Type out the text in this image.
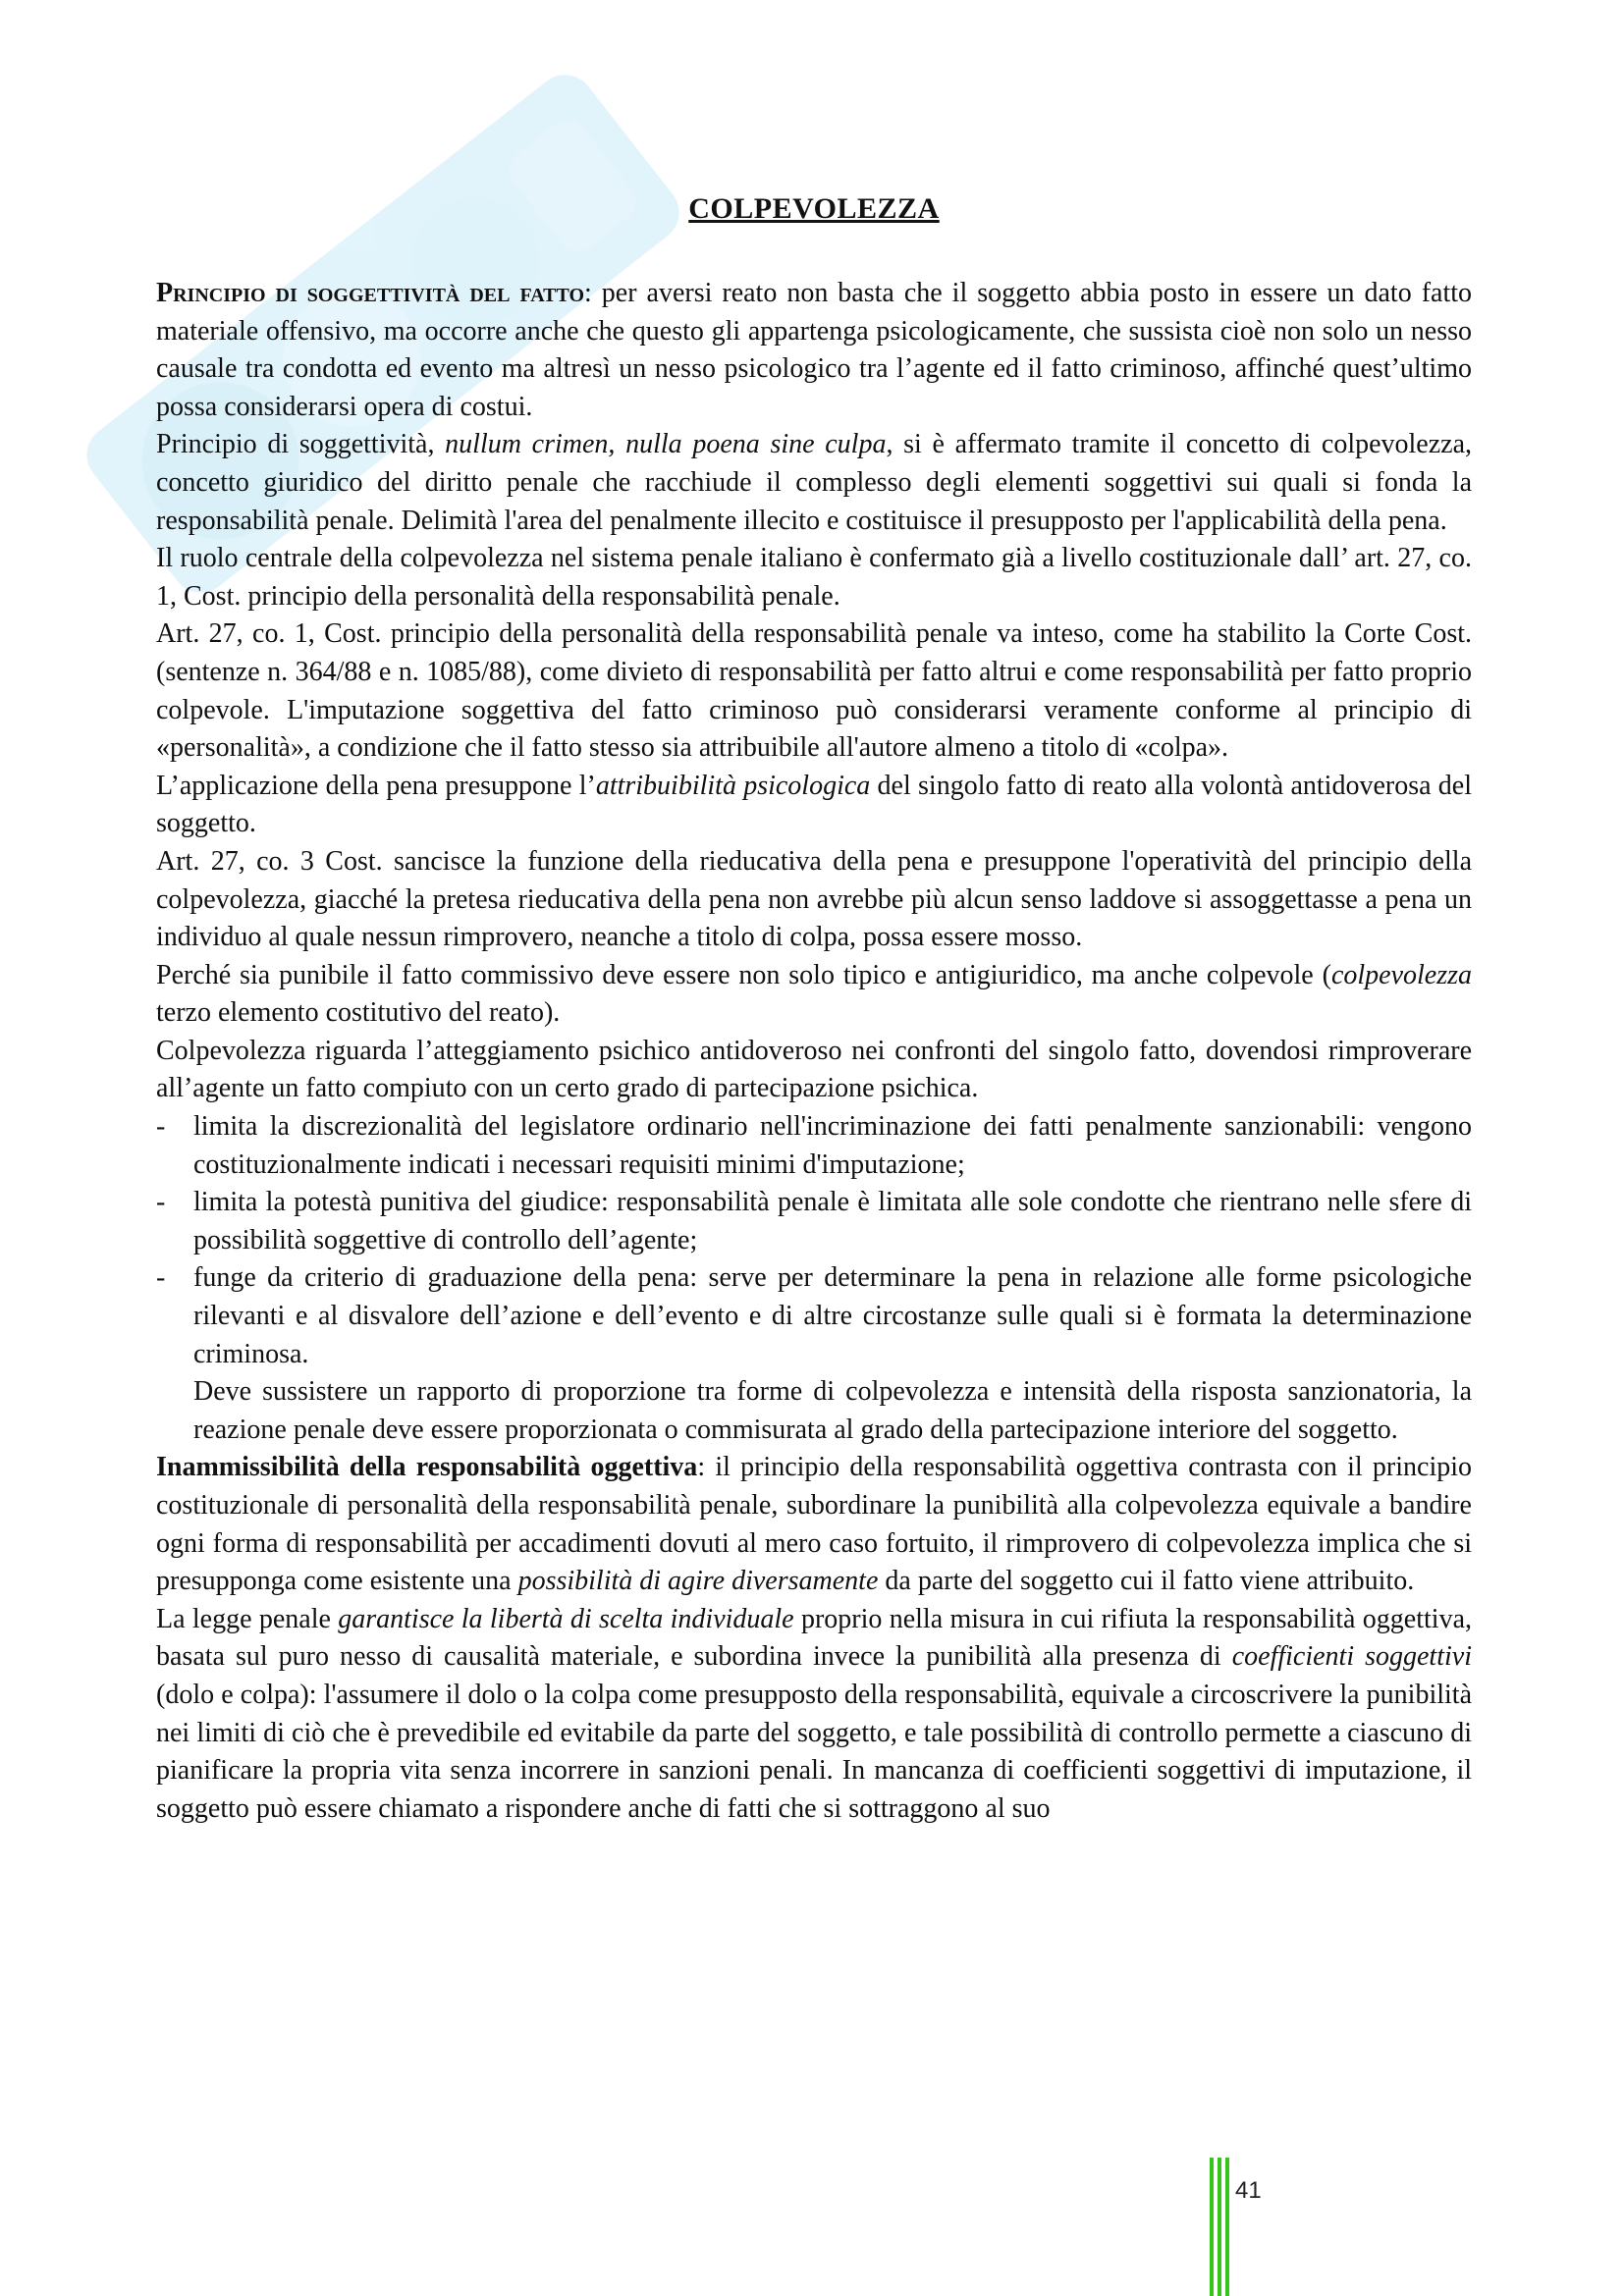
COLPEVOLEZZA

Principio di soggettività del fatto: per aversi reato non basta che il soggetto abbia posto in essere un dato fatto materiale offensivo, ma occorre anche che questo gli appartenga psicologicamente, che sussista cioè non solo un nesso causale tra condotta ed evento ma altresì un nesso psicologico tra l’agente ed il fatto criminoso, affinché quest’ultimo possa considerarsi opera di costui.

Principio di soggettività, nullum crimen, nulla poena sine culpa, si è affermato tramite il concetto di colpevolezza, concetto giuridico del diritto penale che racchiude il complesso degli elementi soggettivi sui quali si fonda la responsabilità penale. Delimità l'area del penalmente illecito e costituisce il presupposto per l'applicabilità della pena.

Il ruolo centrale della colpevolezza nel sistema penale italiano è confermato già a livello costituzionale dall’ art. 27, co. 1, Cost. principio della personalità della responsabilità penale.

Art. 27, co. 1, Cost. principio della personalità della responsabilità penale va inteso, come ha stabilito la Corte Cost. (sentenze n. 364/88 e n. 1085/88), come divieto di responsabilità per fatto altrui e come responsabilità per fatto proprio colpevole. L'imputazione soggettiva del fatto criminoso può considerarsi veramente conforme al principio di «personalità», a condizione che il fatto stesso sia attribuibile all'autore almeno a titolo di «colpa».

L’applicazione della pena presuppone l’attribuibilità psicologica del singolo fatto di reato alla volontà antidoverosa del soggetto.

Art. 27, co. 3 Cost. sancisce la funzione della rieducativa della pena e presuppone l'operatività del principio della colpevolezza, giacché la pretesa rieducativa della pena non avrebbe più alcun senso laddove si assoggettasse a pena un individuo al quale nessun rimprovero, neanche a titolo di colpa, possa essere mosso.

Perché sia punibile il fatto commissivo deve essere non solo tipico e antigiuridico, ma anche colpevole (colpevolezza terzo elemento costitutivo del reato).

Colpevolezza riguarda l’atteggiamento psichico antidoveroso nei confronti del singolo fatto, dovendosi rimproverare all’agente un fatto compiuto con un certo grado di partecipazione psichica.

- limita la discrezionalità del legislatore ordinario nell'incriminazione dei fatti penalmente sanzionabili: vengono costituzionalmente indicati i necessari requisiti minimi d'imputazione;
- limita la potestà punitiva del giudice: responsabilità penale è limitata alle sole condotte che rientrano nelle sfere di possibilità soggettive di controllo dell’agente;
- funge da criterio di graduazione della pena: serve per determinare la pena in relazione alle forme psicologiche rilevanti e al disvalore dell’azione e dell’evento e di altre circostanze sulle quali si è formata la determinazione criminosa.

Deve sussistere un rapporto di proporzione tra forme di colpevolezza e intensità della risposta sanzionatoria, la reazione penale deve essere proporzionata o commisurata al grado della partecipazione interiore del soggetto.

Inammissibilità della responsabilità oggettiva: il principio della responsabilità oggettiva contrasta con il principio costituzionale di personalità della responsabilità penale, subordinare la punibilità alla colpevolezza equivale a bandire ogni forma di responsabilità per accadimenti dovuti al mero caso fortuito, il rimprovero di colpevolezza implica che si presupponga come esistente una possibilità di agire diversamente da parte del soggetto cui il fatto viene attribuito.

La legge penale garantisce la libertà di scelta individuale proprio nella misura in cui rifiuta la responsabilità oggettiva, basata sul puro nesso di causalità materiale, e subordina invece la punibilità alla presenza di coefficienti soggettivi (dolo e colpa): l'assumere il dolo o la colpa come presupposto della responsabilità, equivale a circoscrivere la punibilità nei limiti di ciò che è prevedibile ed evitabile da parte del soggetto, e tale possibilità di controllo permette a ciascuno di pianificare la propria vita senza incorrere in sanzioni penali. In mancanza di coefficienti soggettivi di imputazione, il soggetto può essere chiamato a rispondere anche di fatti che si sottraggono al suo

41
